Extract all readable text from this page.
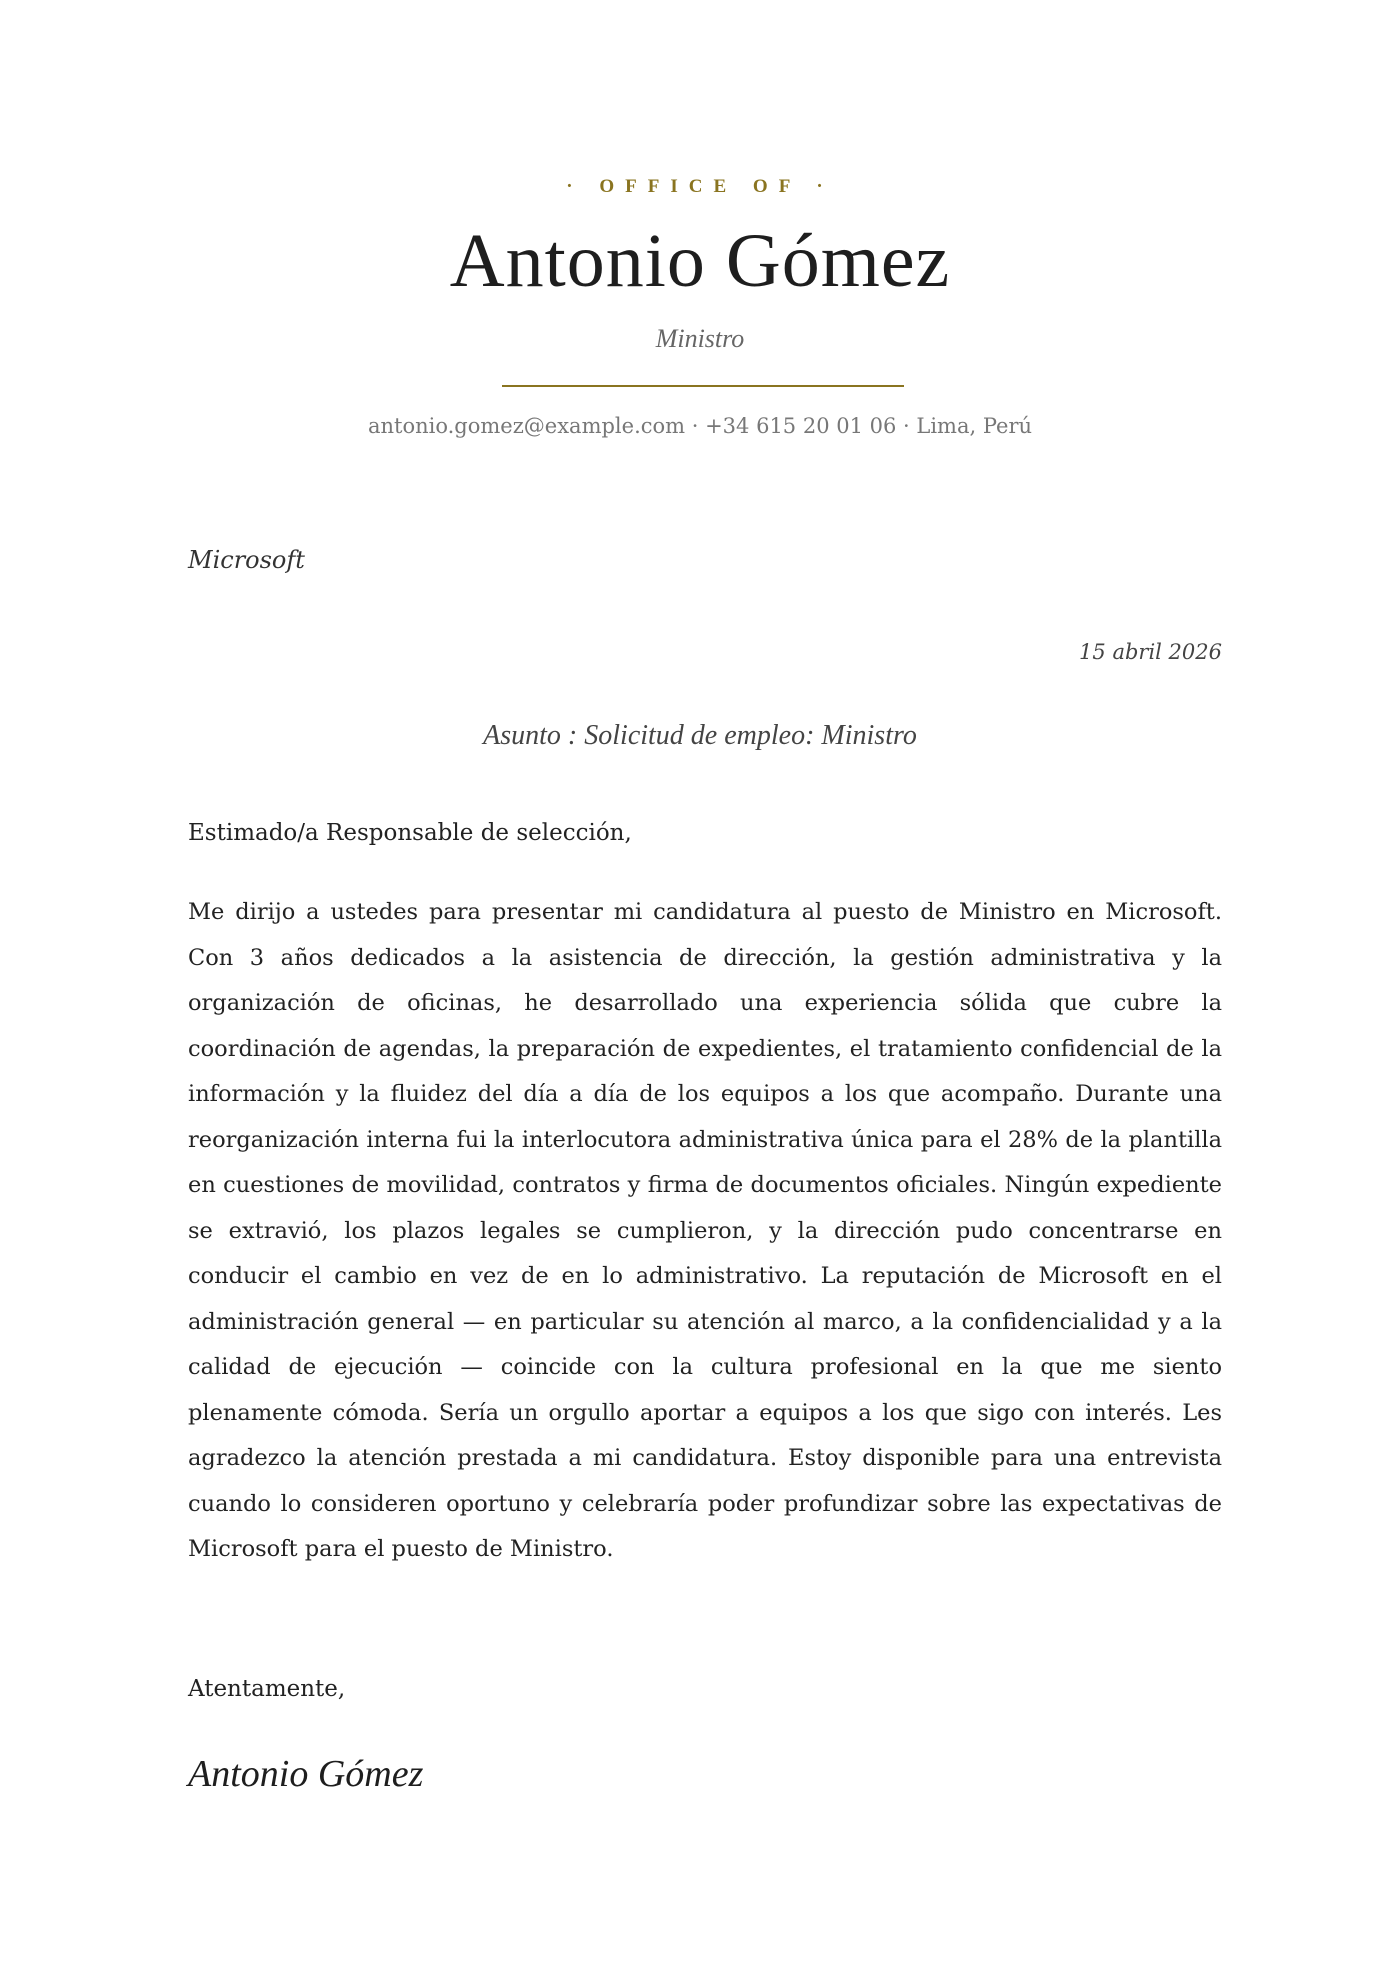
· OFFICE OF ·
Antonio Gómez
Ministro
antonio.gomez@example.com · +34 615 20 01 06 · Lima, Perú
Microsoft
15 abril 2026
Asunto : Solicitud de empleo: Ministro
Estimado/a Responsable de selección,

Me dirijo a ustedes para presentar mi candidatura al puesto de Ministro en Microsoft. Con 3 años dedicados a la asistencia de dirección, la gestión administrativa y la organización de oficinas, he desarrollado una experiencia sólida que cubre la coordinación de agendas, la preparación de expedientes, el tratamiento confidencial de la información y la fluidez del día a día de los equipos a los que acompaño. Durante una reorganización interna fui la interlocutora administrativa única para el 28% de la plantilla en cuestiones de movilidad, contratos y firma de documentos oficiales. Ningún expediente se extravió, los plazos legales se cumplieron, y la dirección pudo concentrarse en conducir el cambio en vez de en lo administrativo. La reputación de Microsoft en el administración general — en particular su atención al marco, a la confidencialidad y a la calidad de ejecución — coincide con la cultura profesional en la que me siento plenamente cómoda. Sería un orgullo aportar a equipos a los que sigo con interés. Les agradezco la atención prestada a mi candidatura. Estoy disponible para una entrevista cuando lo consideren oportuno y celebraría poder profundizar sobre las expectativas de Microsoft para el puesto de Ministro.

Atentamente,
Antonio Gómez
